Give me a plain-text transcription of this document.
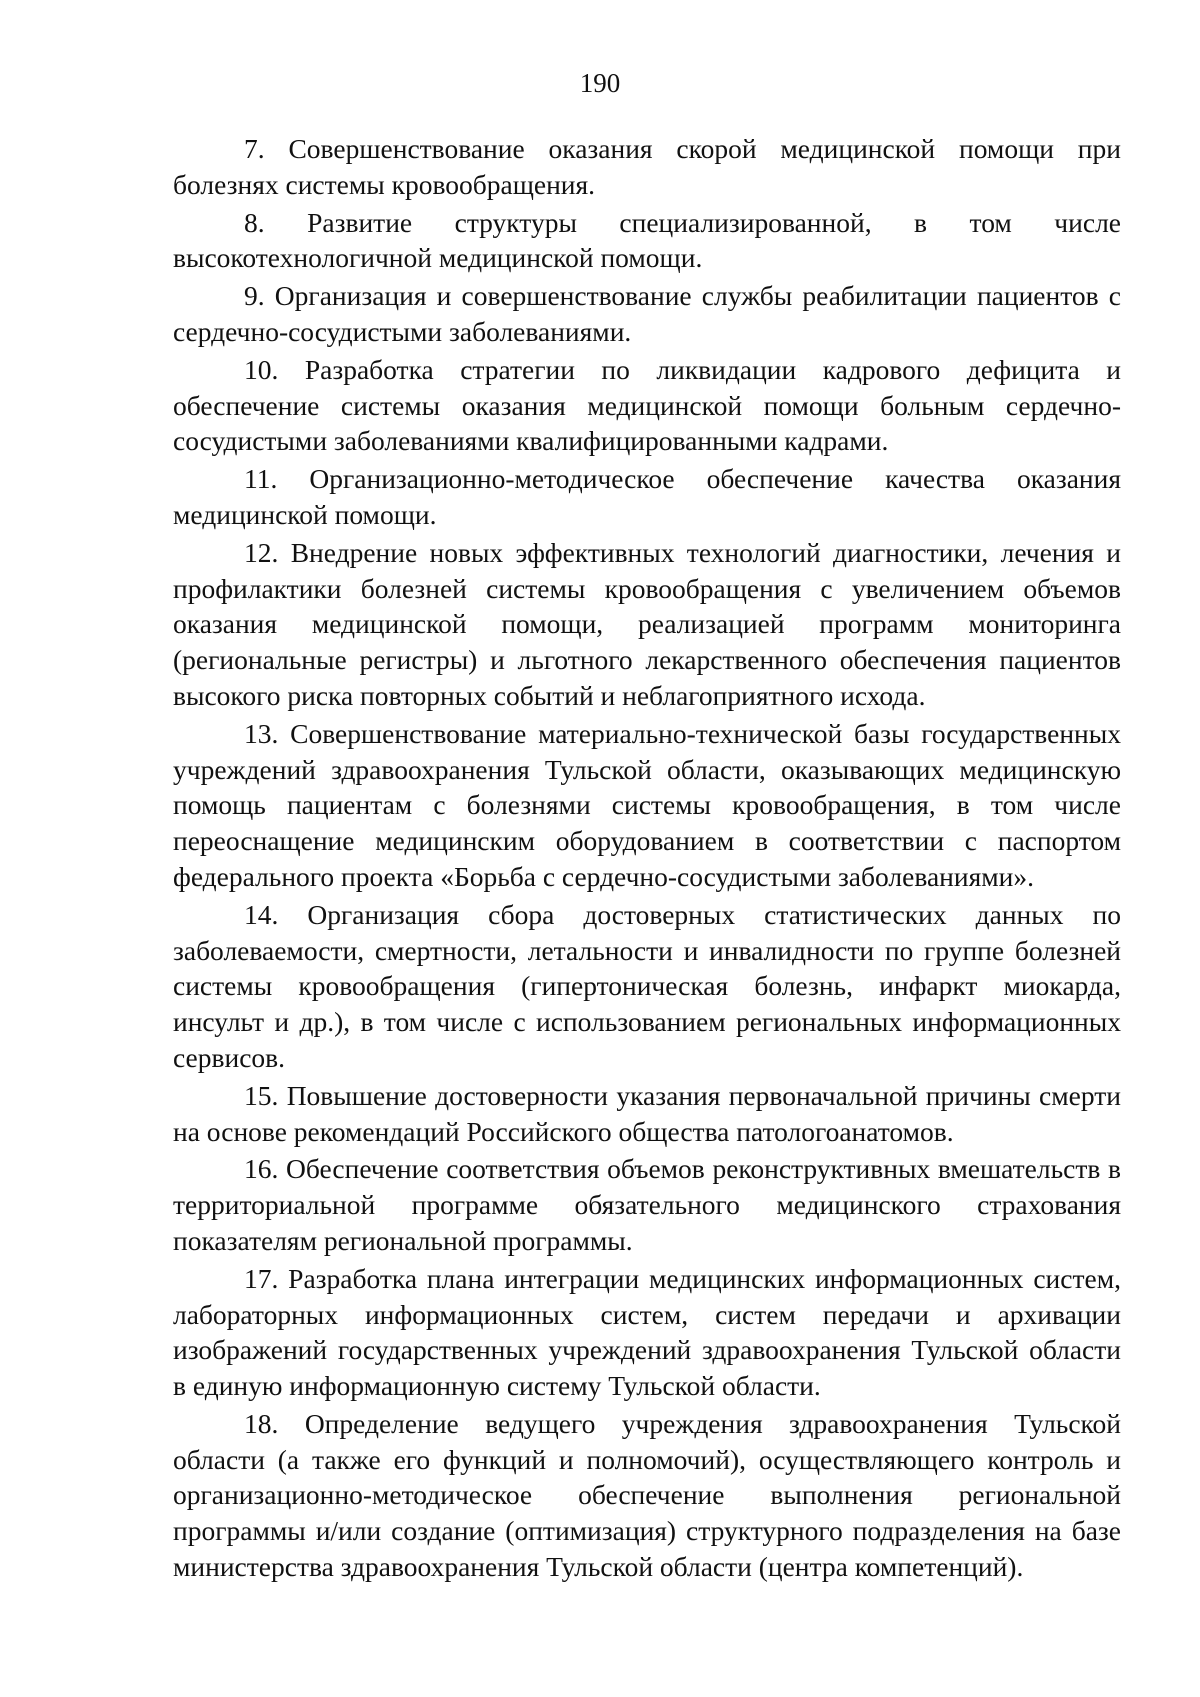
190

7. Совершенствование оказания скорой медицинской помощи при болезнях системы кровообращения.

8. Развитие структуры специализированной, в том числе высокотехнологичной медицинской помощи.

9. Организация и совершенствование службы реабилитации пациентов с сердечно-сосудистыми заболеваниями.

10. Разработка стратегии по ликвидации кадрового дефицита и обеспечение системы оказания медицинской помощи больным сердечно-сосудистыми заболеваниями квалифицированными кадрами.

11. Организационно-методическое обеспечение качества оказания медицинской помощи.

12. Внедрение новых эффективных технологий диагностики, лечения и профилактики болезней системы кровообращения с увеличением объемов оказания медицинской помощи, реализацией программ мониторинга (региональные регистры) и льготного лекарственного обеспечения пациентов высокого риска повторных событий и неблагоприятного исхода.

13. Совершенствование материально-технической базы государственных учреждений здравоохранения Тульской области, оказывающих медицинскую помощь пациентам с болезнями системы кровообращения, в том числе переоснащение медицинским оборудованием в соответствии с паспортом федерального проекта «Борьба с сердечно-сосудистыми заболеваниями».

14. Организация сбора достоверных статистических данных по заболеваемости, смертности, летальности и инвалидности по группе болезней системы кровообращения (гипертоническая болезнь, инфаркт миокарда, инсульт и др.), в том числе с использованием региональных информационных сервисов.

15. Повышение достоверности указания первоначальной причины смерти на основе рекомендаций Российского общества патологоанатомов.

16. Обеспечение соответствия объемов реконструктивных вмешательств в территориальной программе обязательного медицинского страхования показателям региональной программы.

17. Разработка плана интеграции медицинских информационных систем, лабораторных информационных систем, систем передачи и архивации изображений государственных учреждений здравоохранения Тульской области в единую информационную систему Тульской области.

18. Определение ведущего учреждения здравоохранения Тульской области (а также его функций и полномочий), осуществляющего контроль и организационно-методическое обеспечение выполнения региональной программы и/или создание (оптимизация) структурного подразделения на базе министерства здравоохранения Тульской области (центра компетенций).
